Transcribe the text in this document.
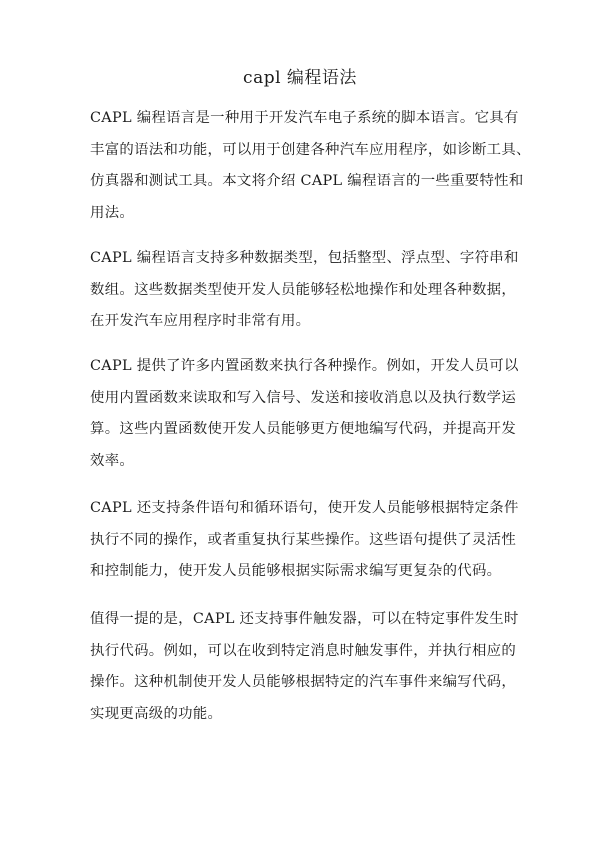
capl 编程语法
CAPL 编程语言是一种用于开发汽车电子系统的脚本语言。它具有
丰富的语法和功能，可以用于创建各种汽车应用程序，如诊断工具、
仿真器和测试工具。本文将介绍 CAPL 编程语言的一些重要特性和
用法。
CAPL 编程语言支持多种数据类型，包括整型、浮点型、字符串和
数组。这些数据类型使开发人员能够轻松地操作和处理各种数据，
在开发汽车应用程序时非常有用。
CAPL 提供了许多内置函数来执行各种操作。例如，开发人员可以
使用内置函数来读取和写入信号、发送和接收消息以及执行数学运
算。这些内置函数使开发人员能够更方便地编写代码，并提高开发
效率。
CAPL 还支持条件语句和循环语句，使开发人员能够根据特定条件
执行不同的操作，或者重复执行某些操作。这些语句提供了灵活性
和控制能力，使开发人员能够根据实际需求编写更复杂的代码。
值得一提的是，CAPL 还支持事件触发器，可以在特定事件发生时
执行代码。例如，可以在收到特定消息时触发事件，并执行相应的
操作。这种机制使开发人员能够根据特定的汽车事件来编写代码，
实现更高级的功能。
